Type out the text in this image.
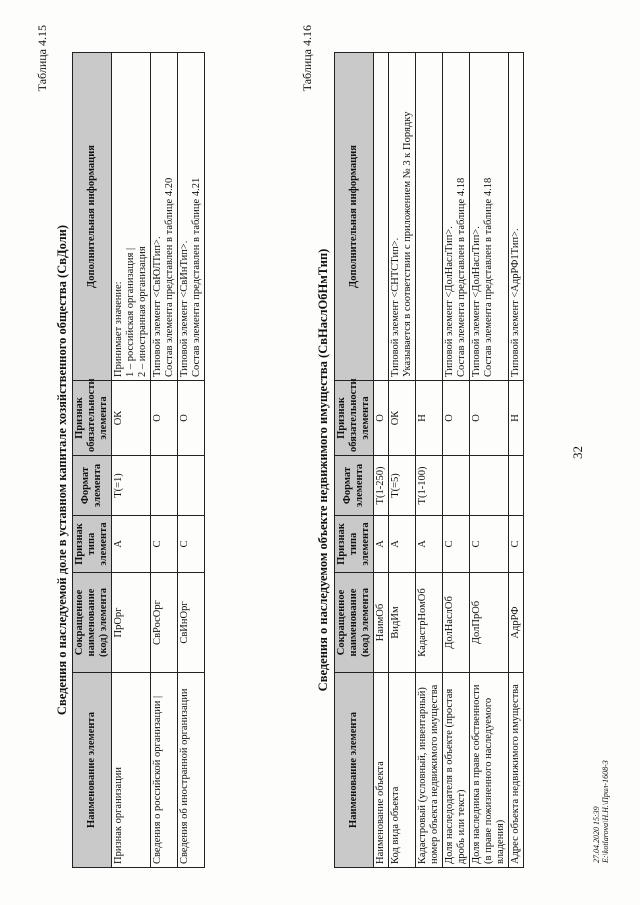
32
Таблица 4.15
Сведения о наследуемой доле в уставном капитале хозяйственного общества (СвДоли)
Наименование элемента	Сокращенное наименование (код) элемента	Признак типа элемента	Формат элемента	Признак обязательности элемента	Дополнительная информация
Признак организации	ПрОрг	А	Т(=1)	ОК	Принимает значение: 1 – российская организация | 2 – иностранная организация

Сведения о российской организации |	СвРосОрг	С		О	Типовой элемент <СвЮЛТип>. Состав элемента представлен в таблице 4.20

Сведения об иностранной организации	СвИнОрг	С		О	Типовой элемент <СвИнТип>. Состав элемента представлен в таблице 4.21
Таблица 4.16
Сведения о наследуемом объекте недвижимого имущества (СвНаслОбНмТип)
Наименование элемента	Сокращенное наименование (код) элемента	Признак типа элемента	Формат элемента	Признак обязательности элемента	Дополнительная информация
Наименование объекта	НаимОб	А	Т(1-250)	О	
Код вида объекта	ВидИм	А	Т(=5)	ОК	Типовой элемент <СНТСТип>. Указывается в соответствии с приложением № 3 к Порядку

Кадастровый (условный, инвентарный) номер объекта недвижимого имущества	КадастрНомОб	А	Т(1-100)	Н	
Доля наследодателя в объекте (простая дробь или текст)	ДолНаслОб	С		О	Типовой элемент <ДолНаслТип>. Состав элемента представлен в таблице 4.18

Доля наследника в праве собственности (в праве пожизненного наследуемого владения)	ДолПрОб	С		О	Типовой элемент <ДолНаслТип>. Состав элемента представлен в таблице 4.18

Адрес объекта недвижимого имущества	АдрРФ	С		Н	Типовой элемент <АдрРФ1Тип>.
27.04.2020 15:39 Е:\kotlarova\Н.Н.\Прил-1608-3
